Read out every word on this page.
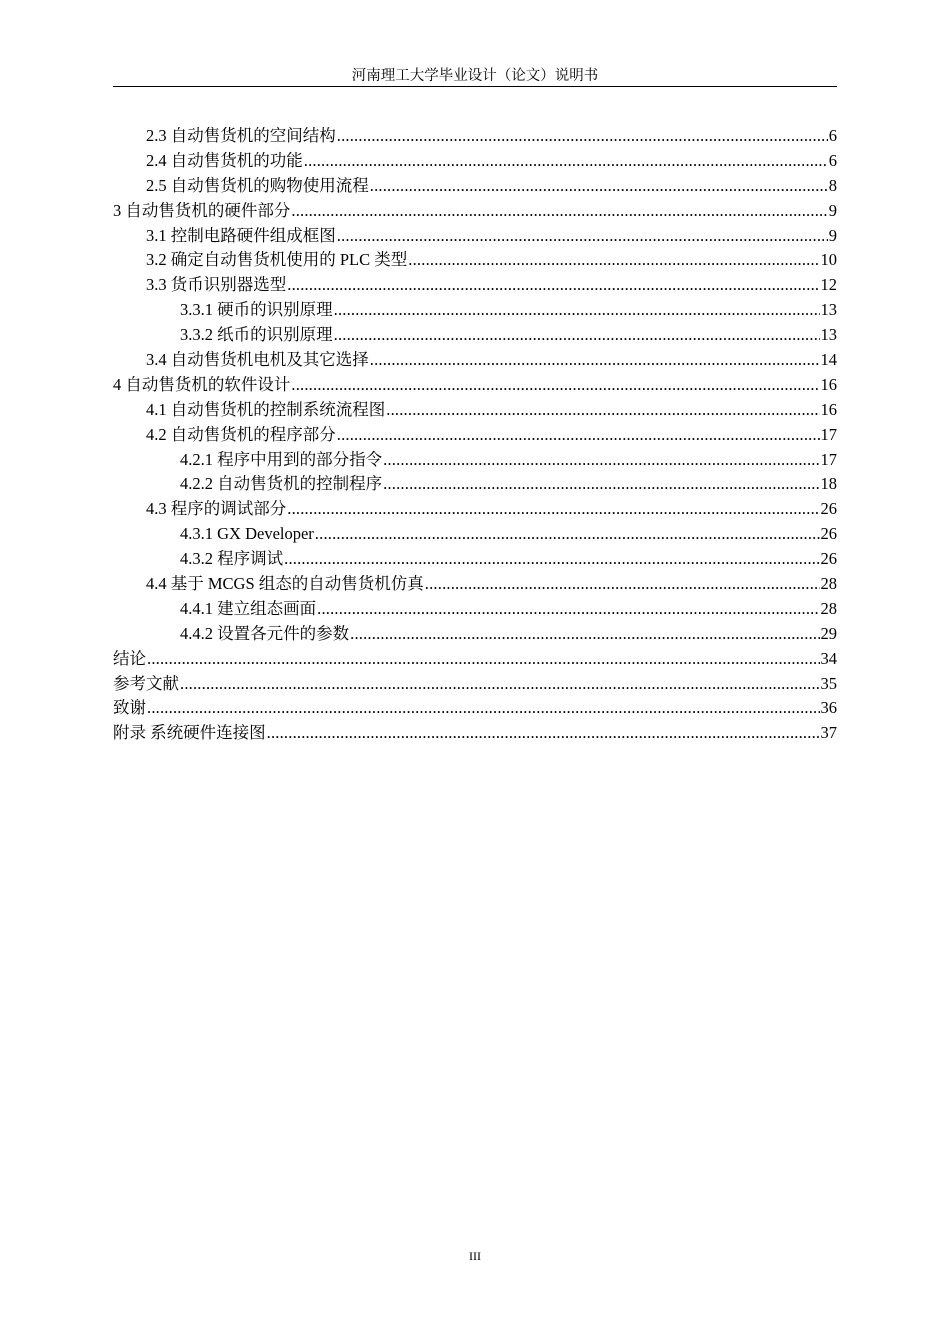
河南理工大学毕业设计（论文）说明书
2.3 自动售货机的空间结构 .....	6
2.4 自动售货机的功能 .....	6
2.5 自动售货机的购物使用流程 .....	8
3 自动售货机的硬件部分 .....	9
3.1 控制电路硬件组成框图 .....	9
3.2 确定自动售货机使用的 PLC 类型 .....	10
3.3 货币识别器选型 .....	12
3.3.1 硬币的识别原理 .....	13
3.3.2 纸币的识别原理 .....	13
3.4 自动售货机电机及其它选择 .....	14
4 自动售货机的软件设计 .....	16
4.1 自动售货机的控制系统流程图 .....	16
4.2 自动售货机的程序部分 .....	17
4.2.1 程序中用到的部分指令 .....	17
4.2.2 自动售货机的控制程序 .....	18
4.3 程序的调试部分 .....	26
4.3.1 GX Developer .....	26
4.3.2 程序调试 .....	26
4.4 基于 MCGS 组态的自动售货机仿真 .....	28
4.4.1 建立组态画面 .....	28
4.4.2 设置各元件的参数 .....	29
结论 .....	34
参考文献 .....	35
致谢 .....	36
附录 系统硬件连接图 .....	37
III
